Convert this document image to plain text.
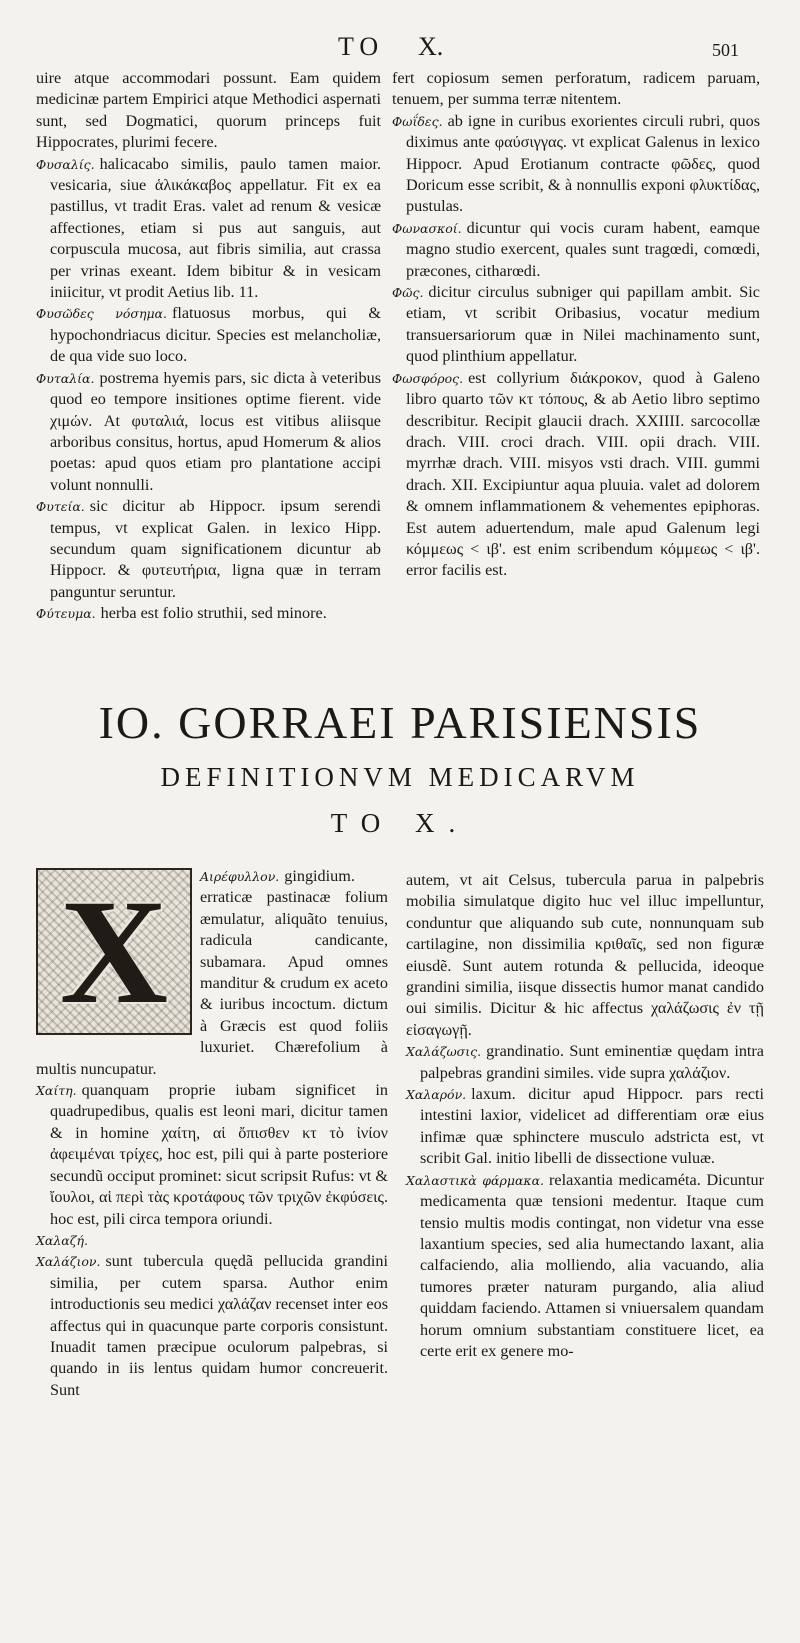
TO X.	501

uire atque accommodari possunt. Eam quidem medicinæ partem Empirici atque Methodici aspernati sunt, sed Dogmatici, quorum princeps fuit Hippocrates, plurimi fecere.

Φυσαλίς. halicacabo similis, paulo tamen maior. vesicaria, siue ἁλικάκαβος appellatur. Fit ex ea pastillus, vt tradit Eras. valet ad renum & vesicæ affectiones, etiam si pus aut sanguis, aut corpuscula mucosa, aut fibris similia, aut crassa per vrinas exeant. Idem bibitur & in vesicam iniicitur, vt prodit Aetius lib. 11.

Φυσῶδες νόσημα. flatuosus morbus, qui & hypochondriacus dicitur. Species est melancholiæ, de qua vide suo loco.

Φυταλία. postrema hyemis pars, sic dicta à veteribus quod eo tempore insitiones optime fierent. vide χιμών. At φυταλιά, locus est vitibus aliisque arboribus consitus, hortus, apud Homerum & alios poetas: apud quos etiam pro plantatione accipi volunt nonnulli.

Φυτεία. sic dicitur ab Hippocr. ipsum serendi tempus, vt explicat Galen. in lexico Hipp. secundum quam significationem dicuntur ab Hippocr. & φυτευτήρια, ligna quæ in terram panguntur seruntur.

Φύτευμα. herba est folio struthii, sed minore.

fert copiosum semen perforatum, radicem paruam, tenuem, per summa terræ nitentem.

Φωΐδες. ab igne in curibus exorientes circuli rubri, quos diximus ante φαύσιγγας. vt explicat Galenus in lexico Hippocr. Apud Erotianum contracte φῶδες, quod Doricum esse scribit, & à nonnullis exponi φλυκτίδας, pustulas.

Φωνασκοί. dicuntur qui vocis curam habent, eamque magno studio exercent, quales sunt tragœdi, comœdi, præcones, citharœdi.

Φῶς. dicitur circulus subniger qui papillam ambit. Sic etiam, vt scribit Oribasius, vocatur medium transuersariorum quæ in Nilei machinamento sunt, quod plinthium appellatur.

Φωσφόρος. est collyrium διάκροκον, quod à Galeno libro quarto τῶν κτ τόπους, & ab Aetio libro septimo describitur. Recipit glaucii drach. XXIIII. sarcocollæ drach. VIII. croci drach. VIII. opii drach. VIII. myrrhæ drach. VIII. misyos vsti drach. VIII. gummi drach. XII. Excipiuntur aqua pluuia. valet ad dolorem & omnem inflammationem & vehementes epiphoras. Est autem aduertendum, male apud Galenum legi κόμμεως < ιβ'. est enim scribendum κόμμεως < ιβ'. error facilis est.

IO. GORRAEI PARISIENSIS
DEFINITIONVM MEDICARVM
TO X.
X	Αιρέφυλλον. gingidium. erraticæ pastinacæ folium æmulatur, aliquãto tenuius, radicula candicante, subamara. Apud omnes manditur & crudum ex aceto & iuribus incoctum. dictum à Græcis est quod foliis luxuriet. Chærefolium à multis nuncupatur.

Χαίτη. quanquam proprie iubam significet in quadrupedibus, qualis est leoni mari, dicitur tamen & in homine χαίτη, αἱ ὄπισθεν κτ τὸ ἰνίον ἀφειμέναι τρίχες, hoc est, pili qui à parte posteriore secundũ occiput prominet: sicut scripsit Rufus: vt & ἴουλοι, αἱ περὶ τὰς κροτάφους τῶν τριχῶν ἐκφύσεις. hoc est, pili circa tempora oriundi.

Χαλαζή.

Χαλάζιον. sunt tubercula quędã pellucida grandini similia, per cutem sparsa. Author enim introductionis seu medici χαλάζαν recenset inter eos affectus qui in quacunque parte corporis consistunt. Inuadit tamen præcipue oculorum palpebras, si quando in iis lentus quidam humor concreuerit. Sunt

autem, vt ait Celsus, tubercula parua in palpebris mobilia simulatque digito huc vel illuc impelluntur, conduntur que aliquando sub cute, nonnunquam sub cartilagine, non dissimilia κριθαῖς, sed non figuræ eiusdẽ. Sunt autem rotunda & pellucida, ideoque grandini similia, iisque dissectis humor manat candido oui similis. Dicitur & hic affectus χαλάζωσις ἐν τῇ εἰσαγωγῇ.

Χαλάζωσις. grandinatio. Sunt eminentiæ quędam intra palpebras grandini similes. vide supra χαλάζιον.

Χαλαρόν. laxum. dicitur apud Hippocr. pars recti intestini laxior, videlicet ad differentiam oræ eius infimæ quæ sphinctere musculo adstricta est, vt scribit Gal. initio libelli de dissectione vuluæ.

Χαλαστικὰ φάρμακα. relaxantia medicaméta. Dicuntur medicamenta quæ tensioni medentur. Itaque cum tensio multis modis contingat, non videtur vna esse laxantium species, sed alia humectando laxant, alia calfaciendo, alia molliendo, alia vacuando, alia tumores præter naturam purgando, alia aliud quiddam faciendo. Attamen si vniuersalem quandam horum omnium substantiam constituere licet, ea certe erit ex genere mo-
